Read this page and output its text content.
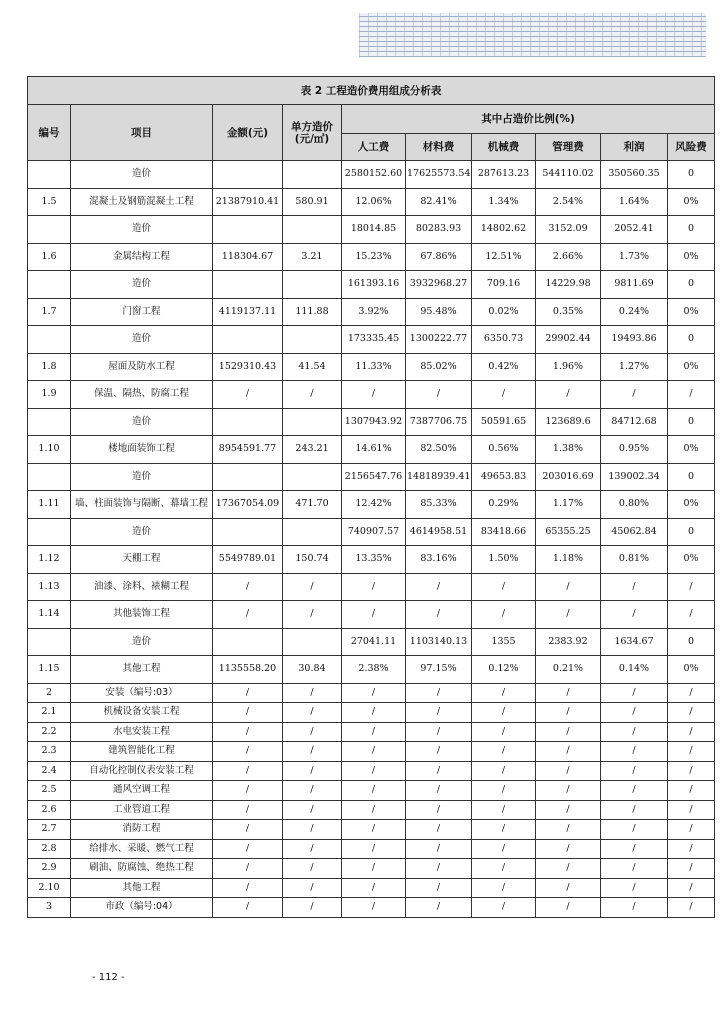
表 2 工程造价费用组成分析表									
编号	项目	金额(元)	单方造价(元/㎡)	其中占造价比例(%)					
				人工费	材料费	机械费	管理费	利润	风险费
	造价			2580152.60	17625573.54	287613.23	544110.02	350560.35	0
1.5	混凝土及钢筋混凝土工程	21387910.41	580.91	12.06%	82.41%	1.34%	2.54%	1.64%	0%
	造价			18014.85	80283.93	14802.62	3152.09	2052.41	0
1.6	金属结构工程	118304.67	3.21	15.23%	67.86%	12.51%	2.66%	1.73%	0%
	造价			161393.16	3932968.27	709.16	14229.98	9811.69	0
1.7	门窗工程	4119137.11	111.88	3.92%	95.48%	0.02%	0.35%	0.24%	0%
	造价			173335.45	1300222.77	6350.73	29902.44	19493.86	0
1.8	屋面及防水工程	1529310.43	41.54	11.33%	85.02%	0.42%	1.96%	1.27%	0%
1.9	保温、隔热、防腐工程	/	/	/	/	/	/	/	/
	造价			1307943.92	7387706.75	50591.65	123689.6	84712.68	0
1.10	楼地面装饰工程	8954591.77	243.21	14.61%	82.50%	0.56%	1.38%	0.95%	0%
	造价			2156547.76	14818939.41	49653.83	203016.69	139002.34	0
1.11	墙、柱面装饰与隔断、幕墙工程	17367054.09	471.70	12.42%	85.33%	0.29%	1.17%	0.80%	0%
	造价			740907.57	4614958.51	83418.66	65355.25	45062.84	0
1.12	天棚工程	5549789.01	150.74	13.35%	83.16%	1.50%	1.18%	0.81%	0%
1.13	油漆、涂料、裱糊工程	/	/	/	/	/	/	/	/
1.14	其他装饰工程	/	/	/	/	/	/	/	/
	造价			27041.11	1103140.13	1355	2383.92	1634.67	0
1.15	其他工程	1135558.20	30.84	2.38%	97.15%	0.12%	0.21%	0.14%	0%
2	安装（编号:03）	/	/	/	/	/	/	/	/
2.1	机械设备安装工程	/	/	/	/	/	/	/	/
2.2	水电安装工程	/	/	/	/	/	/	/	/
2.3	建筑智能化工程	/	/	/	/	/	/	/	/
2.4	自动化控制仪表安装工程	/	/	/	/	/	/	/	/
2.5	通风空调工程	/	/	/	/	/	/	/	/
2.6	工业管道工程	/	/	/	/	/	/	/	/
2.7	消防工程	/	/	/	/	/	/	/	/
2.8	给排水、采暖、燃气工程	/	/	/	/	/	/	/	/
2.9	刷油、防腐蚀、绝热工程	/	/	/	/	/	/	/	/
2.10	其他工程	/	/	/	/	/	/	/	/
3	市政（编号:04）	/	/	/	/	/	/	/	/
- 112 -
